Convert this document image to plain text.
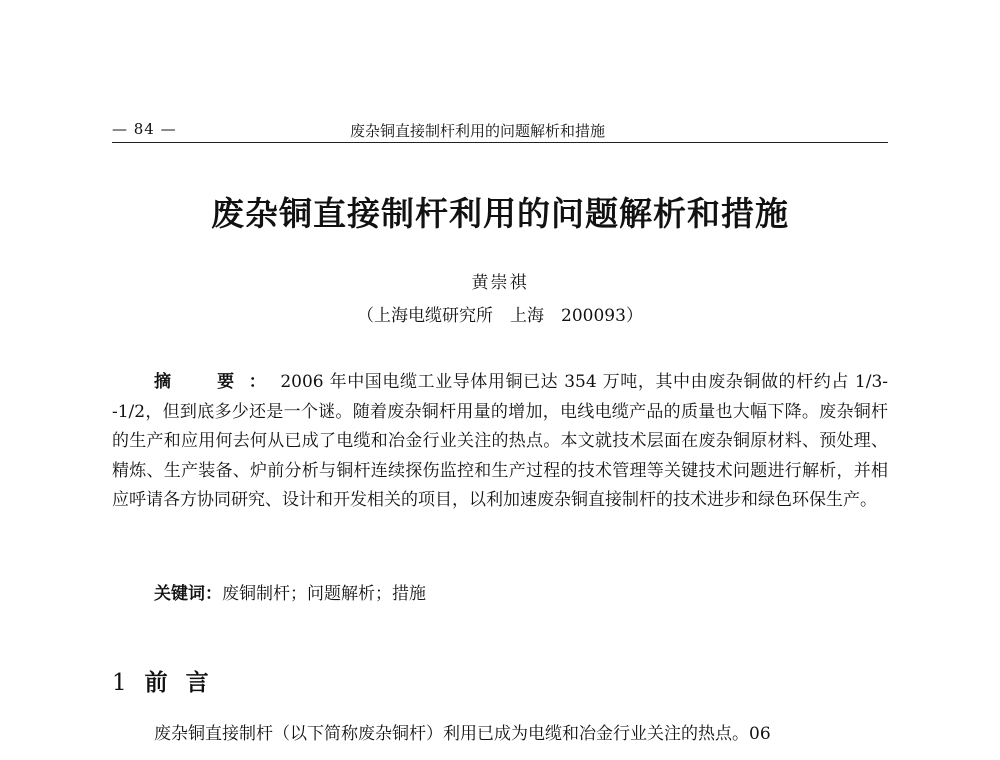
— 84 —	废杂铜直接制杆利用的问题解析和措施
废杂铜直接制杆利用的问题解析和措施
黄崇祺
（上海电缆研究所　上海　200093）
摘　要：2006 年中国电缆工业导体用铜已达 354 万吨，其中由废杂铜做的杆约占 1/3--1/2，但到底多少还是一个谜。随着废杂铜杆用量的增加，电线电缆产品的质量也大幅下降。废杂铜杆的生产和应用何去何从已成了电缆和冶金行业关注的热点。本文就技术层面在废杂铜原材料、预处理、精炼、生产装备、炉前分析与铜杆连续探伤监控和生产过程的技术管理等关键技术问题进行解析，并相应呼请各方协同研究、设计和开发相关的项目，以利加速废杂铜直接制杆的技术进步和绿色环保生产。
关键词：废铜制杆；问题解析；措施
1 前言
废杂铜直接制杆（以下简称废杂铜杆）利用已成为电缆和冶金行业关注的热点。06
